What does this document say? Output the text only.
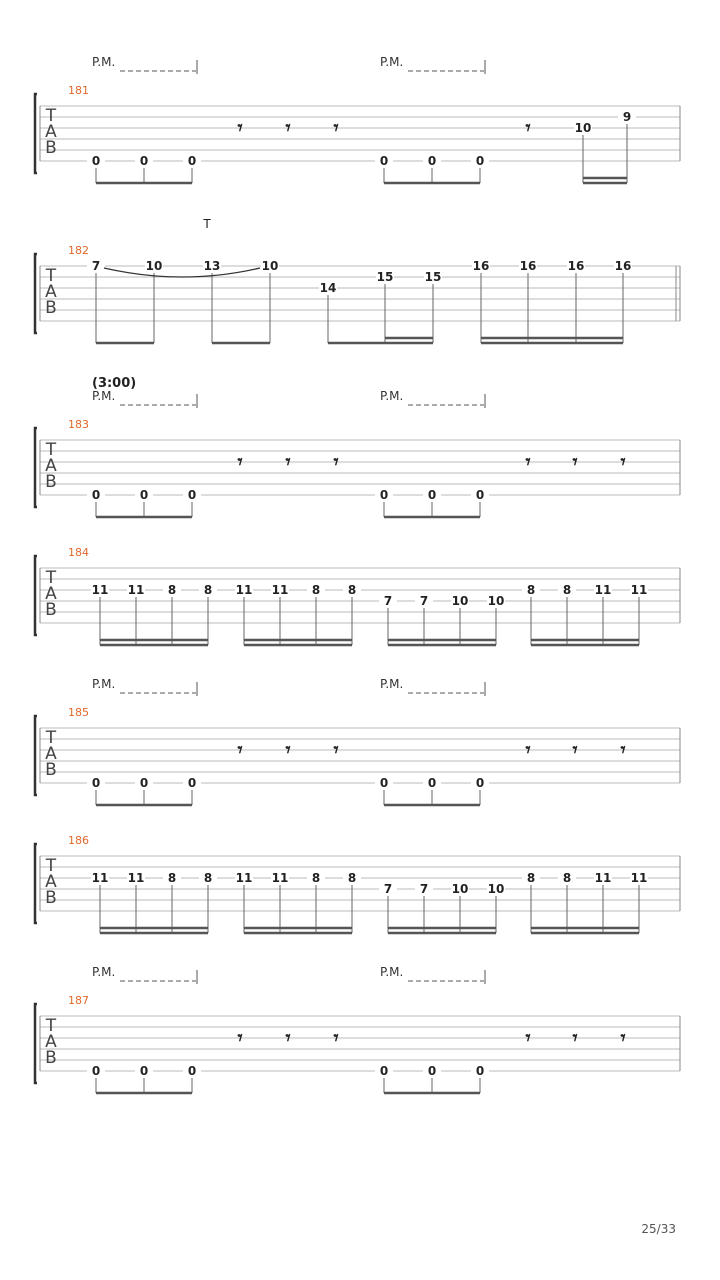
T
A
B
181
P.M.	P.M.
0	0	0
𝄾 𝄾 𝄾
0	0	0
𝄾	10
9
T
A
B
182
T
7	10	13	10
14
15	15
16	16	16	16
T
A
B
183
P.M.	P.M.
(3:00)
0	0	0
𝄾 𝄾 𝄾
0	0	0
𝄾 𝄾 𝄾
T
A
B
184
11 11 8 8 11 11 8 8
7 7 10 10
8 8 11 11
T
A
B
185
P.M.	P.M.
0	0	0
𝄾 𝄾 𝄾
0	0	0
𝄾 𝄾 𝄾
T
A
B
186
11 11 8 8 11 11 8 8
7 7 10 10
8 8 11 11
T
A
B
187
P.M.	P.M.
0	0	0
𝄾 𝄾 𝄾
0	0	0
𝄾 𝄾 𝄾
25/33
